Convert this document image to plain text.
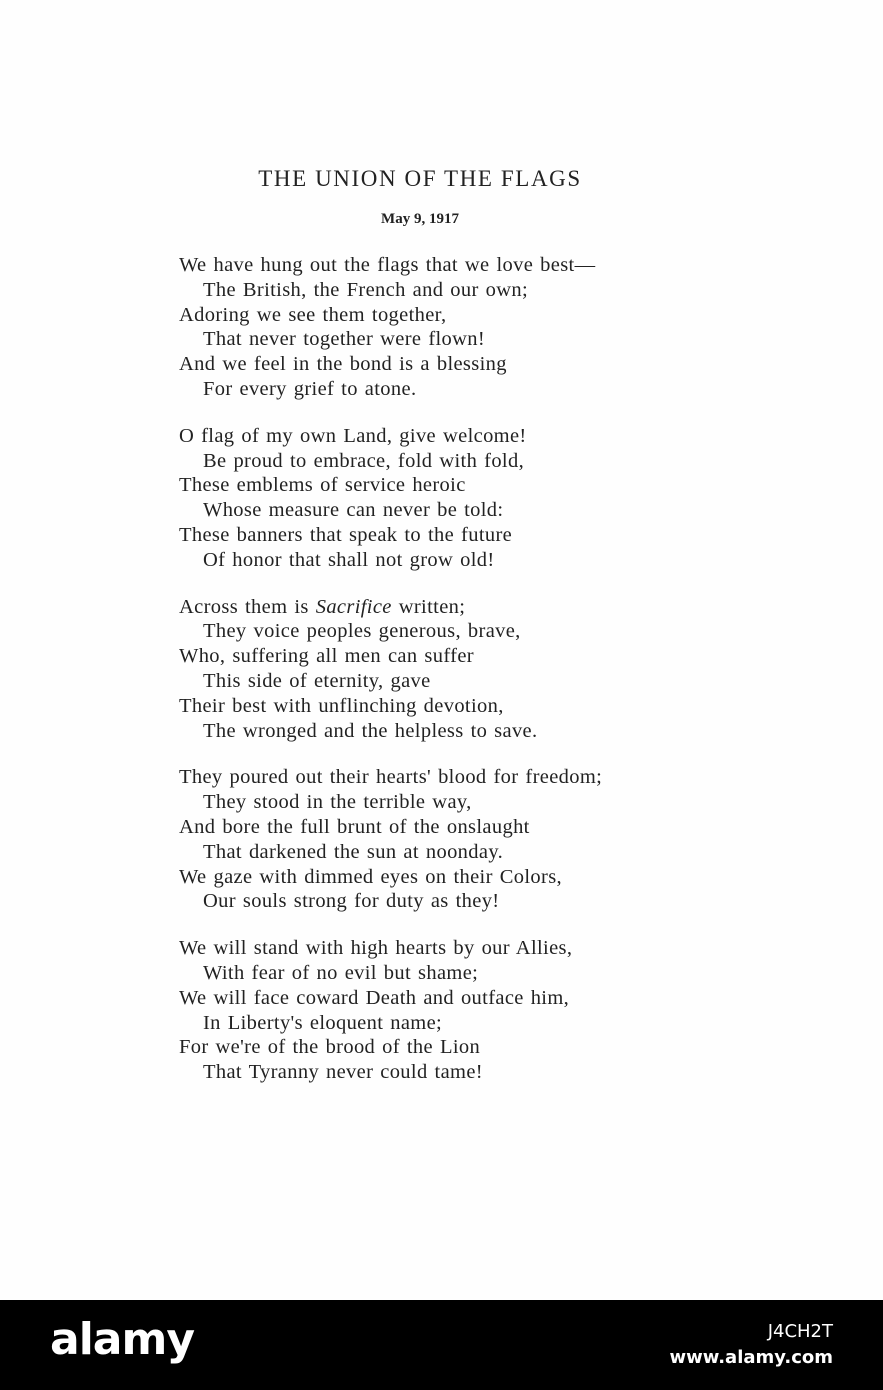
THE UNION OF THE FLAGS
May 9, 1917
We have hung out the flags that we love best—
The British, the French and our own;
Adoring we see them together,
That never together were flown!
And we feel in the bond is a blessing
For every grief to atone.
O flag of my own Land, give welcome!
Be proud to embrace, fold with fold,
These emblems of service heroic
Whose measure can never be told:
These banners that speak to the future
Of honor that shall not grow old!
Across them is Sacrifice written;
They voice peoples generous, brave,
Who, suffering all men can suffer
This side of eternity, gave
Their best with unflinching devotion,
The wronged and the helpless to save.
They poured out their hearts' blood for freedom;
They stood in the terrible way,
And bore the full brunt of the onslaught
That darkened the sun at noonday.
We gaze with dimmed eyes on their Colors,
Our souls strong for duty as they!
We will stand with high hearts by our Allies,
With fear of no evil but shame;
We will face coward Death and outface him,
In Liberty's eloquent name;
For we're of the brood of the Lion
That Tyranny never could tame!
alamy	J4CH2T
www.alamy.com
